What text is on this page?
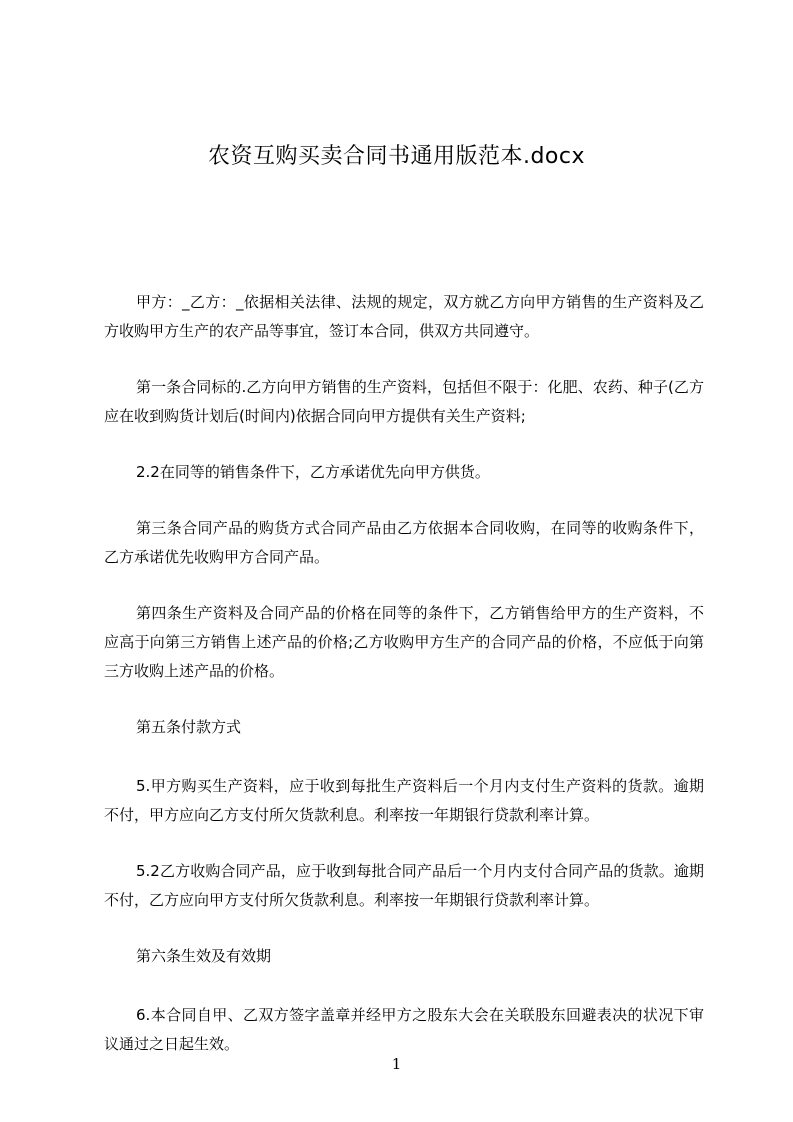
农资互购买卖合同书通用版范本.docx

甲方：_乙方：_依据相关法律、法规的规定，双方就乙方向甲方销售的生产资料及乙方收购甲方生产的农产品等事宜，签订本合同，供双方共同遵守。

第一条合同标的.乙方向甲方销售的生产资料，包括但不限于：化肥、农药、种子(乙方应在收到购货计划后(时间内)依据合同向甲方提供有关生产资料;

2.2在同等的销售条件下，乙方承诺优先向甲方供货。

第三条合同产品的购货方式合同产品由乙方依据本合同收购，在同等的收购条件下，乙方承诺优先收购甲方合同产品。

第四条生产资料及合同产品的价格在同等的条件下，乙方销售给甲方的生产资料，不应高于向第三方销售上述产品的价格;乙方收购甲方生产的合同产品的价格，不应低于向第三方收购上述产品的价格。

第五条付款方式

5.甲方购买生产资料，应于收到每批生产资料后一个月内支付生产资料的货款。逾期不付，甲方应向乙方支付所欠货款利息。利率按一年期银行贷款利率计算。

5.2乙方收购合同产品，应于收到每批合同产品后一个月内支付合同产品的货款。逾期不付，乙方应向甲方支付所欠货款利息。利率按一年期银行贷款利率计算。

第六条生效及有效期

6.本合同自甲、乙双方签字盖章并经甲方之股东大会在关联股东回避表决的状况下审议通过之日起生效。

1
